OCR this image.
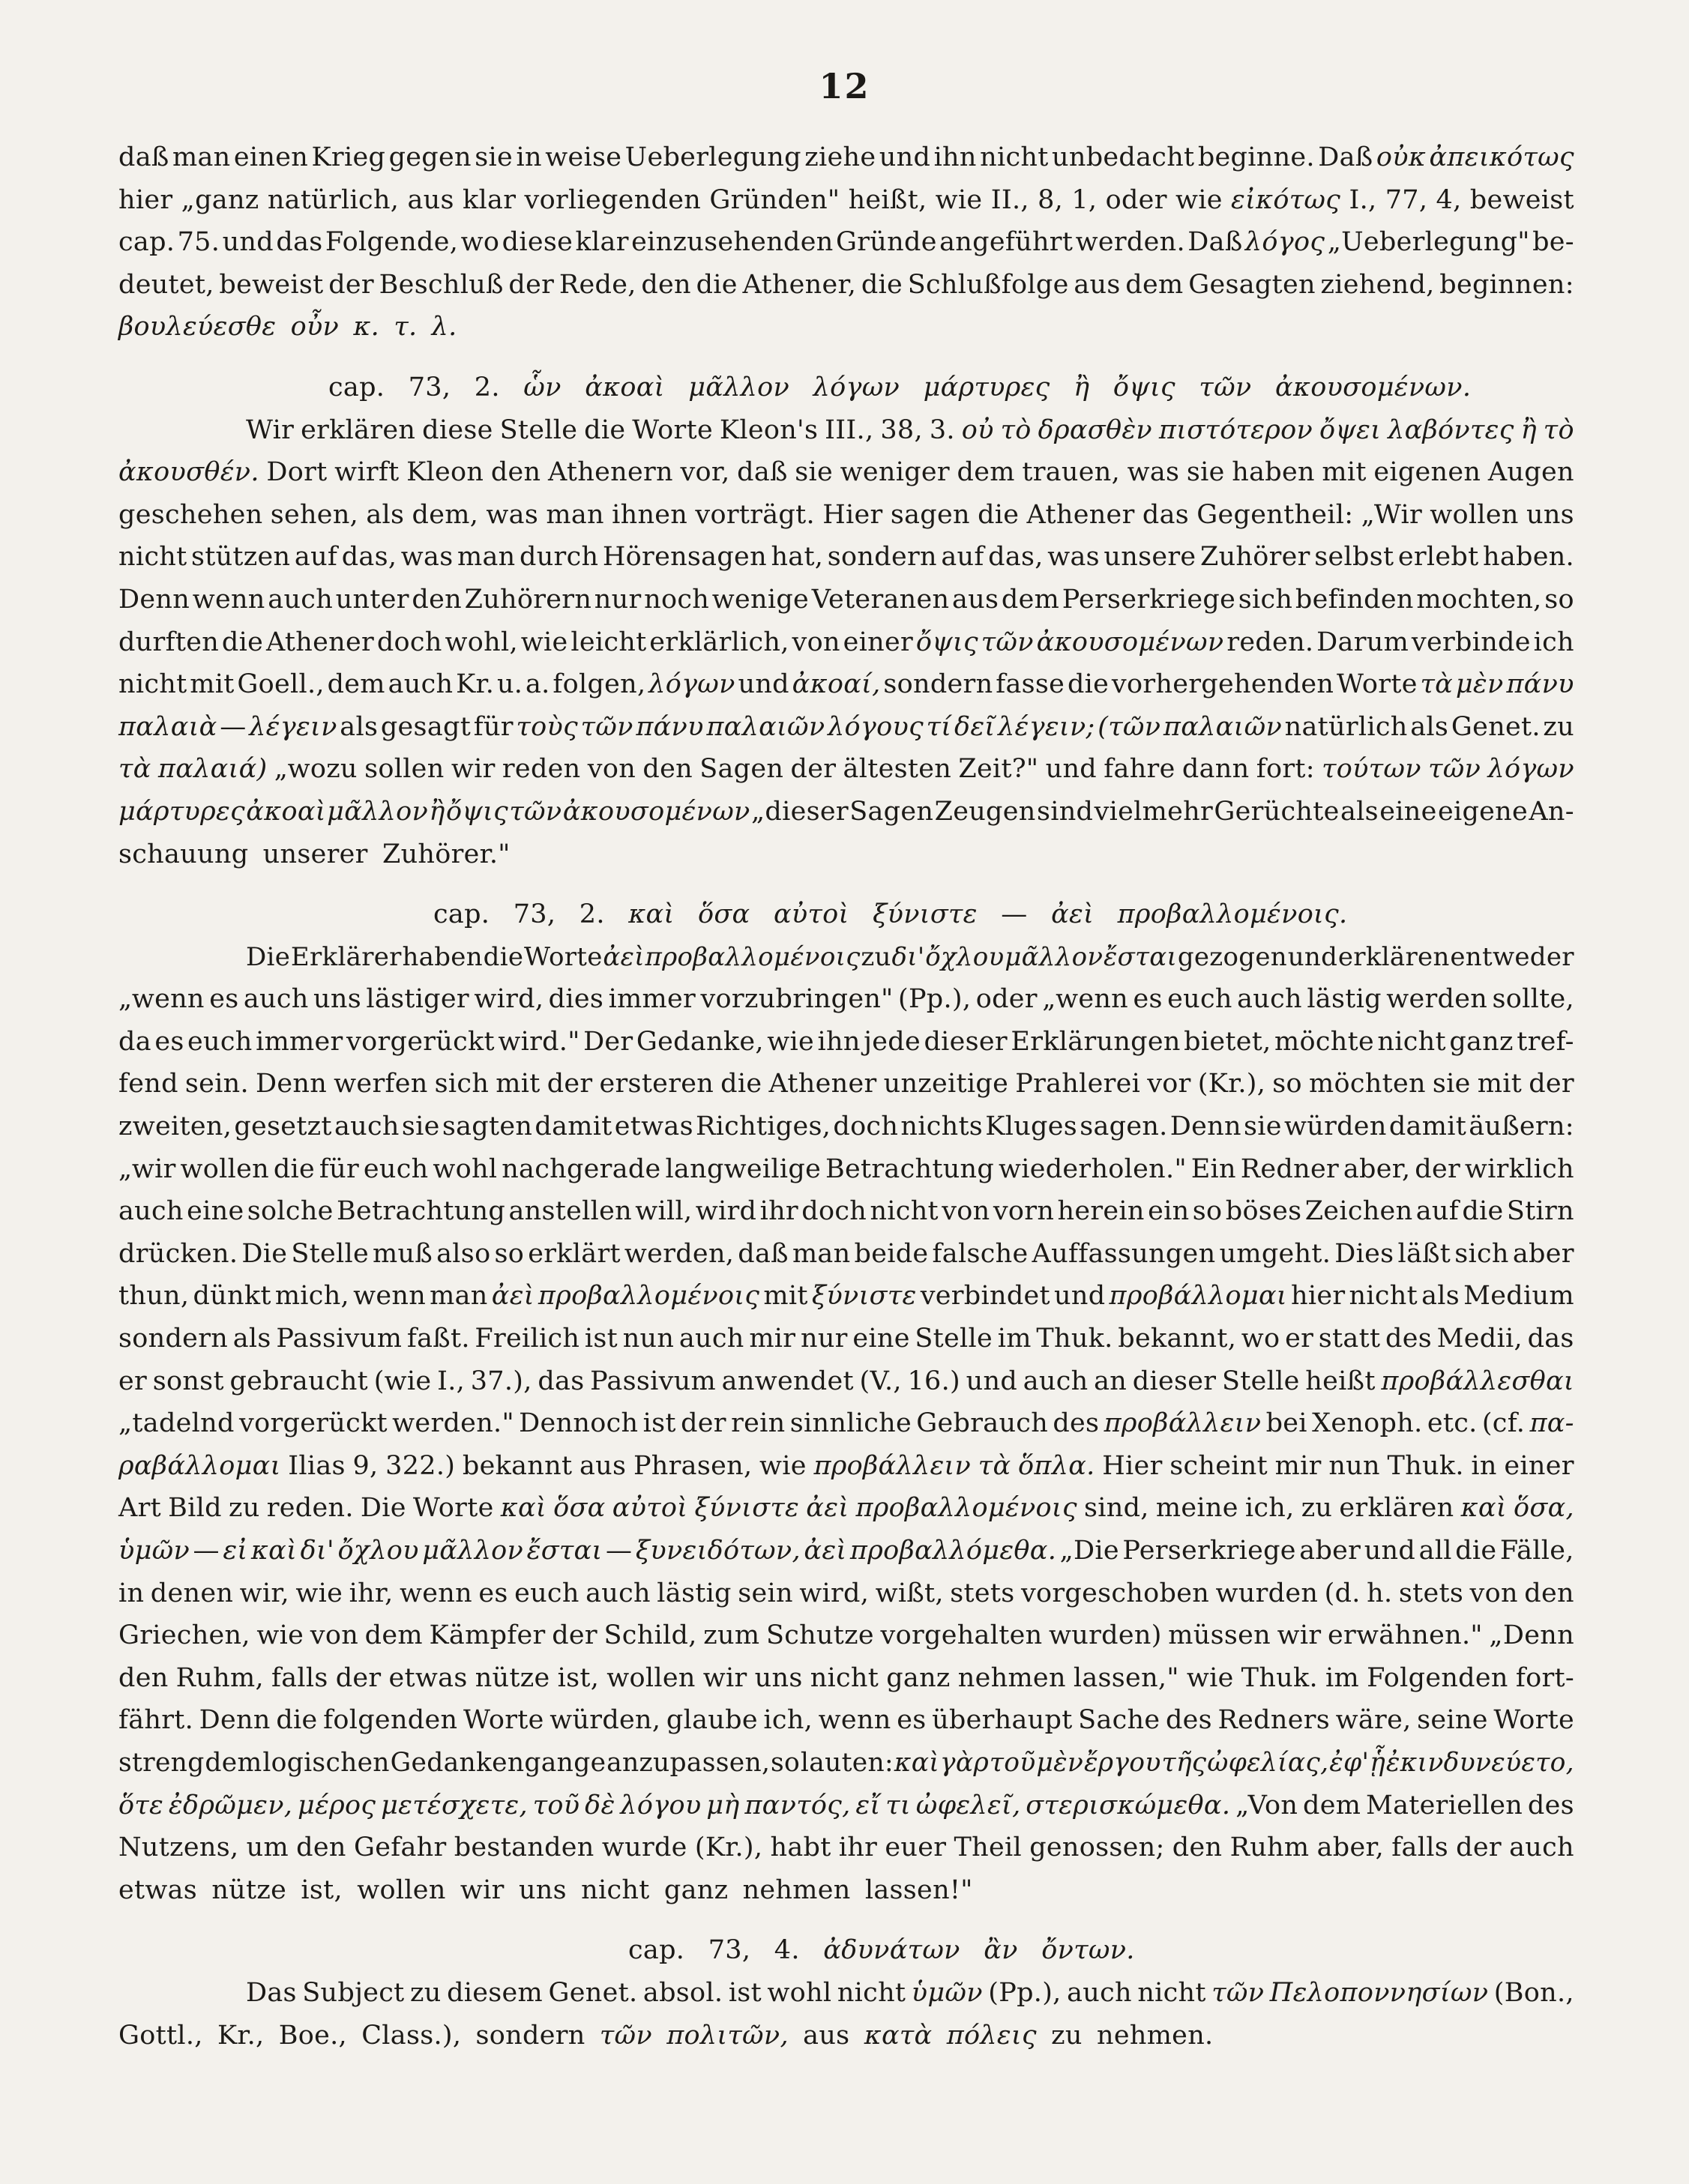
12
daß man einen Krieg gegen sie in weise Ueberlegung ziehe und ihn nicht unbedacht beginne. Daß οὐκ ἀπεικότως
hier „ganz natürlich, aus klar vorliegenden Gründen" heißt, wie II., 8, 1, oder wie εἰκότως I., 77, 4, beweist
cap. 75. und das Folgende, wo diese klar einzusehenden Gründe angeführt werden. Daß λόγος „Ueberlegung" be-
deutet, beweist der Beschluß der Rede, den die Athener, die Schlußfolge aus dem Gesagten ziehend, beginnen:
βουλεύεσθε οὖν κ. τ. λ.
cap. 73, 2. ὧν ἀκοαὶ μᾶλλον λόγων μάρτυρες ἢ ὄψις τῶν ἀκουσομένων.
Wir erklären diese Stelle die Worte Kleon's III., 38, 3. οὐ τὸ δρασθὲν πιστότερον ὄψει λαβόντες ἢ τὸ
ἀκουσθέν. Dort wirft Kleon den Athenern vor, daß sie weniger dem trauen, was sie haben mit eigenen Augen
geschehen sehen, als dem, was man ihnen vorträgt. Hier sagen die Athener das Gegentheil: „Wir wollen uns
nicht stützen auf das, was man durch Hörensagen hat, sondern auf das, was unsere Zuhörer selbst erlebt haben.
Denn wenn auch unter den Zuhörern nur noch wenige Veteranen aus dem Perserkriege sich befinden mochten, so
durften die Athener doch wohl, wie leicht erklärlich, von einer ὄψις τῶν ἀκουσομένων reden. Darum verbinde ich
nicht mit Goell., dem auch Kr. u. a. folgen, λόγων und ἀκοαί, sondern fasse die vorhergehenden Worte τὰ μὲν πάνυ
παλαιὰ — λέγειν als gesagt für τοὺς τῶν πάνυ παλαιῶν λόγους τί δεῖ λέγειν; (τῶν παλαιῶν natürlich als Genet. zu
τὰ παλαιά) „wozu sollen wir reden von den Sagen der ältesten Zeit?" und fahre dann fort: τούτων τῶν λόγων
μάρτυρες ἀκοαὶ μᾶλλον ἢ ὄψις τῶν ἀκουσομένων „dieser Sagen Zeugen sind vielmehr Gerüchte als eine eigene An-
schauung unserer Zuhörer."
cap. 73, 2. καὶ ὅσα αὐτοὶ ξύνιστε — ἀεὶ προβαλλομένοις.
Die Erklärer haben die Worte ἀεὶ προβαλλομένοις zu δι' ὄχλου μᾶλλον ἔσται gezogen und erklären entweder
„wenn es auch uns lästiger wird, dies immer vorzubringen" (Pp.), oder „wenn es euch auch lästig werden sollte,
da es euch immer vorgerückt wird." Der Gedanke, wie ihn jede dieser Erklärungen bietet, möchte nicht ganz tref-
fend sein. Denn werfen sich mit der ersteren die Athener unzeitige Prahlerei vor (Kr.), so möchten sie mit der
zweiten, gesetzt auch sie sagten damit etwas Richtiges, doch nichts Kluges sagen. Denn sie würden damit äußern:
„wir wollen die für euch wohl nachgerade langweilige Betrachtung wiederholen." Ein Redner aber, der wirklich
auch eine solche Betrachtung anstellen will, wird ihr doch nicht von vorn herein ein so böses Zeichen auf die Stirn
drücken. Die Stelle muß also so erklärt werden, daß man beide falsche Auffassungen umgeht. Dies läßt sich aber
thun, dünkt mich, wenn man ἀεὶ προβαλλομένοις mit ξύνιστε verbindet und προβάλλομαι hier nicht als Medium
sondern als Passivum faßt. Freilich ist nun auch mir nur eine Stelle im Thuk. bekannt, wo er statt des Medii, das
er sonst gebraucht (wie I., 37.), das Passivum anwendet (V., 16.) und auch an dieser Stelle heißt προβάλλεσθαι
„tadelnd vorgerückt werden." Dennoch ist der rein sinnliche Gebrauch des προβάλλειν bei Xenoph. etc. (cf. πα-
ραβάλλομαι Ilias 9, 322.) bekannt aus Phrasen, wie προβάλλειν τὰ ὅπλα. Hier scheint mir nun Thuk. in einer
Art Bild zu reden. Die Worte καὶ ὅσα αὐτοὶ ξύνιστε ἀεὶ προβαλλομένοις sind, meine ich, zu erklären καὶ ὅσα,
ὑμῶν — εἰ καὶ δι' ὄχλου μᾶλλον ἔσται — ξυνειδότων, ἀεὶ προβαλλόμεθα. „Die Perserkriege aber und all die Fälle,
in denen wir, wie ihr, wenn es euch auch lästig sein wird, wißt, stets vorgeschoben wurden (d. h. stets von den
Griechen, wie von dem Kämpfer der Schild, zum Schutze vorgehalten wurden) müssen wir erwähnen." „Denn
den Ruhm, falls der etwas nütze ist, wollen wir uns nicht ganz nehmen lassen," wie Thuk. im Folgenden fort-
fährt. Denn die folgenden Worte würden, glaube ich, wenn es überhaupt Sache des Redners wäre, seine Worte
streng dem logischen Gedankengange anzupassen, so lauten: καὶ γὰρ τοῦ μὲν ἔργου τῆς ὠφελίας, ἐφ' ᾗ ἐκινδυνεύετο,
ὅτε ἐδρῶμεν, μέρος μετέσχετε, τοῦ δὲ λόγου μὴ παντός, εἴ τι ὠφελεῖ, στερισκώμεθα. „Von dem Materiellen des
Nutzens, um den Gefahr bestanden wurde (Kr.), habt ihr euer Theil genossen; den Ruhm aber, falls der auch
etwas nütze ist, wollen wir uns nicht ganz nehmen lassen!"
cap. 73, 4. ἀδυνάτων ἂν ὄντων.
Das Subject zu diesem Genet. absol. ist wohl nicht ὑμῶν (Pp.), auch nicht τῶν Πελοποννησίων (Bon.,
Gottl., Kr., Boe., Class.), sondern τῶν πολιτῶν, aus κατὰ πόλεις zu nehmen.
